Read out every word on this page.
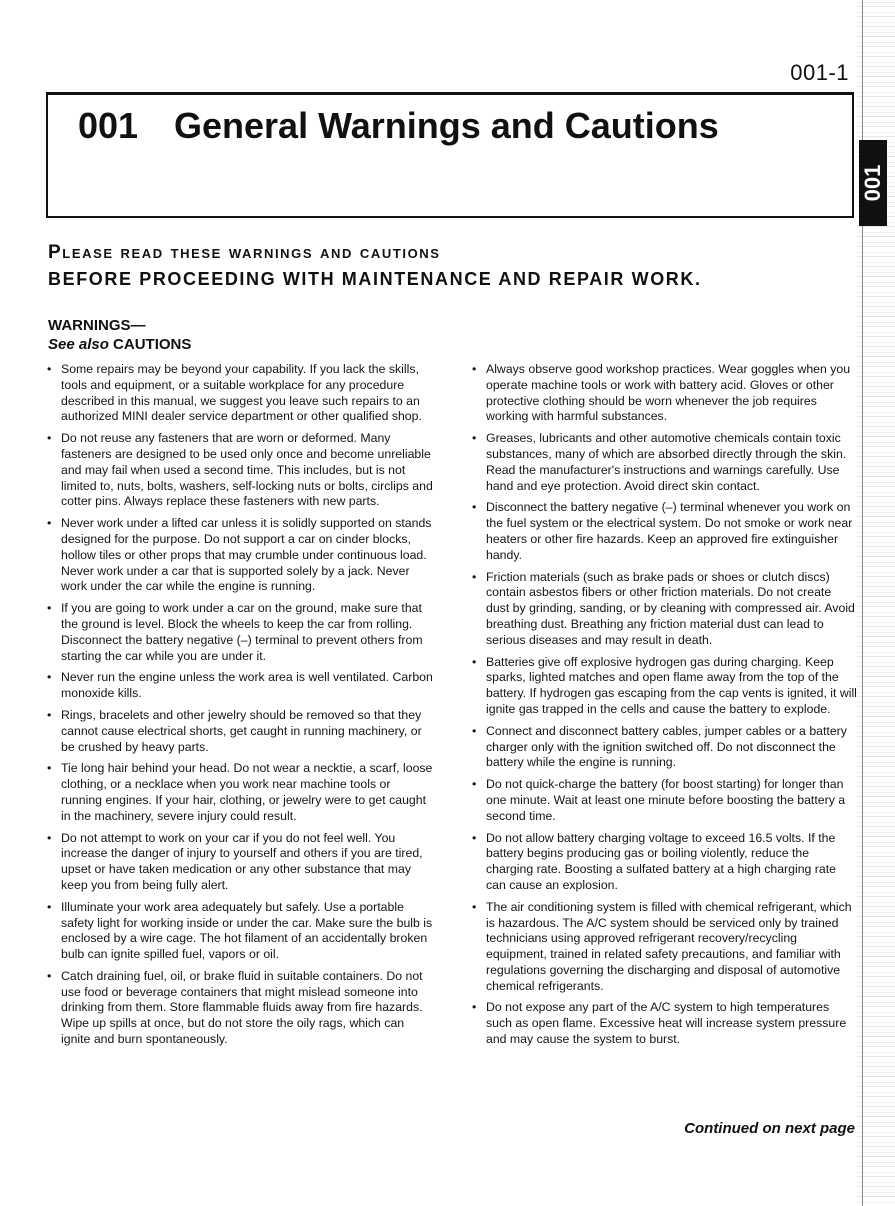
001-1
001 General Warnings and Cautions
001
Please read these warnings and cautions
BEFORE PROCEEDING WITH MAINTENANCE AND REPAIR WORK.
WARNINGS—
See also CAUTIONS
• Some repairs may be beyond your capability. If you lack the skills, tools and equipment, or a suitable workplace for any procedure described in this manual, we suggest you leave such repairs to an authorized MINI dealer service department or other qualified shop.
• Do not reuse any fasteners that are worn or deformed. Many fasteners are designed to be used only once and become unreliable and may fail when used a second time. This includes, but is not limited to, nuts, bolts, washers, self-locking nuts or bolts, circlips and cotter pins. Always replace these fasteners with new parts.
• Never work under a lifted car unless it is solidly supported on stands designed for the purpose. Do not support a car on cinder blocks, hollow tiles or other props that may crumble under continuous load. Never work under a car that is supported solely by a jack. Never work under the car while the engine is running.
• If you are going to work under a car on the ground, make sure that the ground is level. Block the wheels to keep the car from rolling. Disconnect the battery negative (–) terminal to prevent others from starting the car while you are under it.
• Never run the engine unless the work area is well ventilated. Carbon monoxide kills.
• Rings, bracelets and other jewelry should be removed so that they cannot cause electrical shorts, get caught in running machinery, or be crushed by heavy parts.
• Tie long hair behind your head. Do not wear a necktie, a scarf, loose clothing, or a necklace when you work near machine tools or running engines. If your hair, clothing, or jewelry were to get caught in the machinery, severe injury could result.
• Do not attempt to work on your car if you do not feel well. You increase the danger of injury to yourself and others if you are tired, upset or have taken medication or any other substance that may keep you from being fully alert.
• Illuminate your work area adequately but safely. Use a portable safety light for working inside or under the car. Make sure the bulb is enclosed by a wire cage. The hot filament of an accidentally broken bulb can ignite spilled fuel, vapors or oil.
• Catch draining fuel, oil, or brake fluid in suitable containers. Do not use food or beverage containers that might mislead someone into drinking from them. Store flammable fluids away from fire hazards. Wipe up spills at once, but do not store the oily rags, which can ignite and burn spontaneously.
• Always observe good workshop practices. Wear goggles when you operate machine tools or work with battery acid. Gloves or other protective clothing should be worn whenever the job requires working with harmful substances.
• Greases, lubricants and other automotive chemicals contain toxic substances, many of which are absorbed directly through the skin. Read the manufacturer's instructions and warnings carefully. Use hand and eye protection. Avoid direct skin contact.
• Disconnect the battery negative (–) terminal whenever you work on the fuel system or the electrical system. Do not smoke or work near heaters or other fire hazards. Keep an approved fire extinguisher handy.
• Friction materials (such as brake pads or shoes or clutch discs) contain asbestos fibers or other friction materials. Do not create dust by grinding, sanding, or by cleaning with compressed air. Avoid breathing dust. Breathing any friction material dust can lead to serious diseases and may result in death.
• Batteries give off explosive hydrogen gas during charging. Keep sparks, lighted matches and open flame away from the top of the battery. If hydrogen gas escaping from the cap vents is ignited, it will ignite gas trapped in the cells and cause the battery to explode.
• Connect and disconnect battery cables, jumper cables or a battery charger only with the ignition switched off. Do not disconnect the battery while the engine is running.
• Do not quick-charge the battery (for boost starting) for longer than one minute. Wait at least one minute before boosting the battery a second time.
• Do not allow battery charging voltage to exceed 16.5 volts. If the battery begins producing gas or boiling violently, reduce the charging rate. Boosting a sulfated battery at a high charging rate can cause an explosion.
• The air conditioning system is filled with chemical refrigerant, which is hazardous. The A/C system should be serviced only by trained technicians using approved refrigerant recovery/recycling equipment, trained in related safety precautions, and familiar with regulations governing the discharging and disposal of automotive chemical refrigerants.
• Do not expose any part of the A/C system to high temperatures such as open flame. Excessive heat will increase system pressure and may cause the system to burst.
Continued on next page
